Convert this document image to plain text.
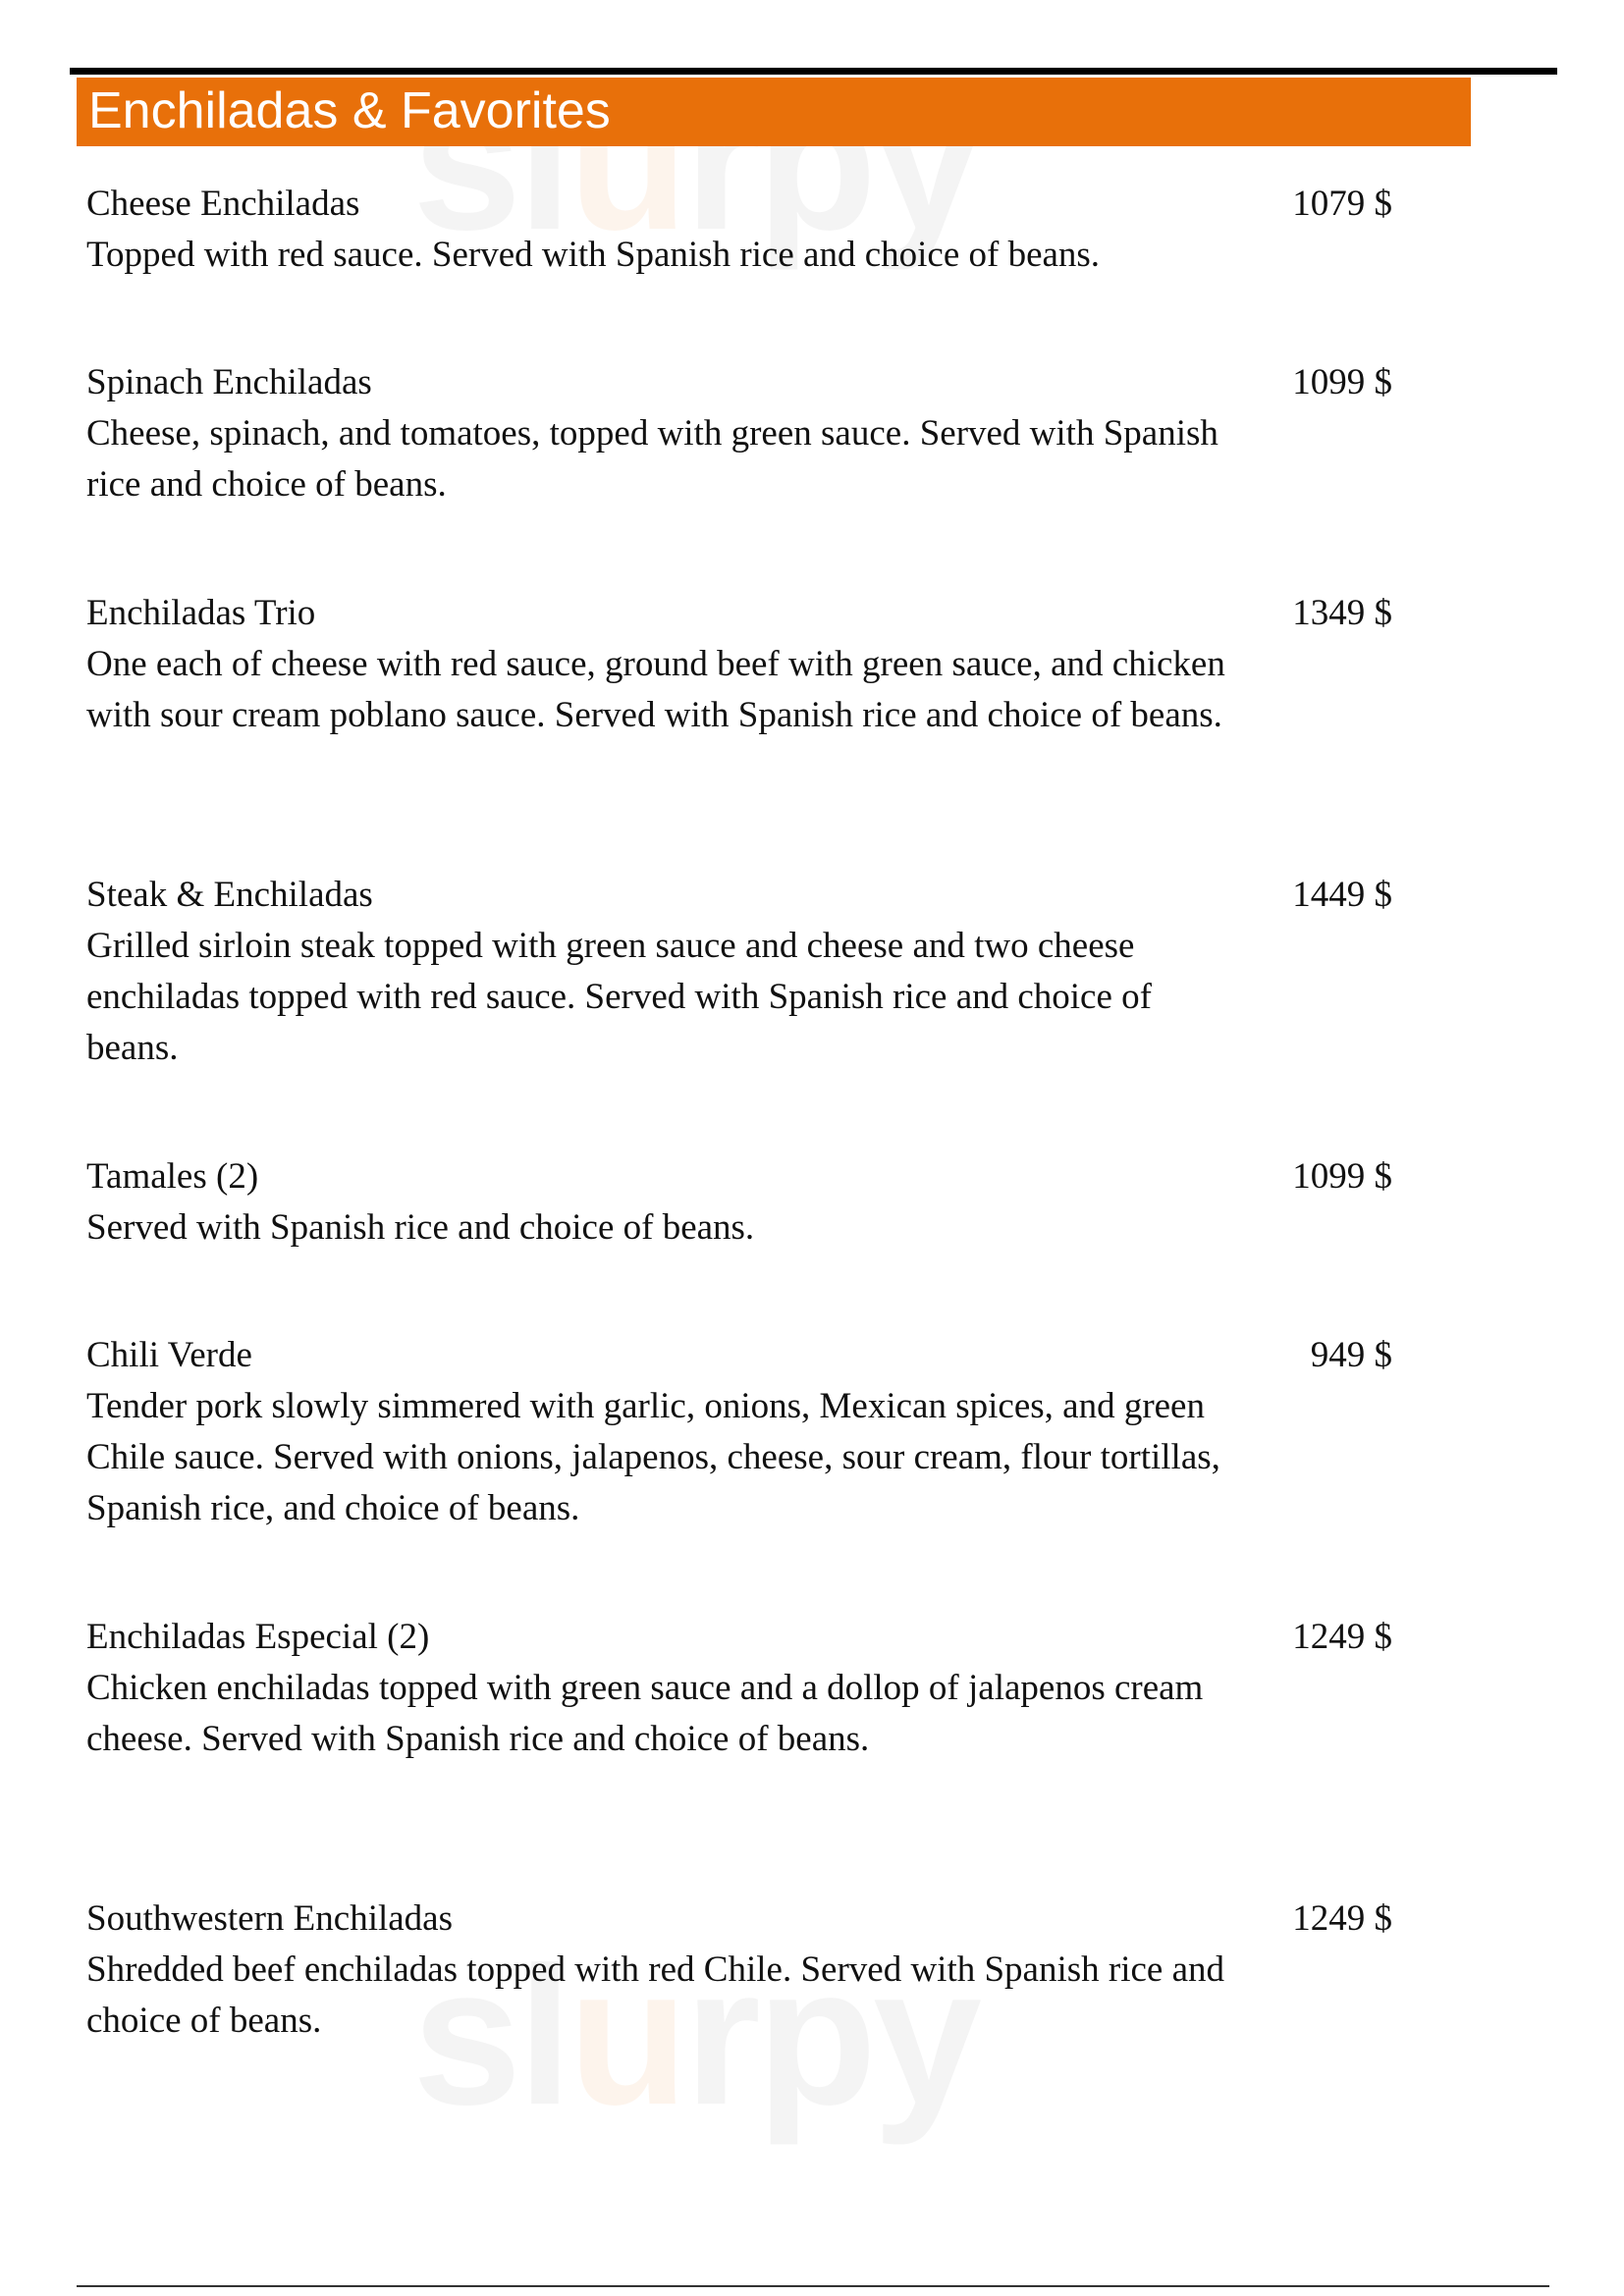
u
u
Enchiladas & Favorites
Cheese Enchiladas	1079 $
Topped with red sauce. Served with Spanish rice and choice of beans.
Spinach Enchiladas	1099 $
Cheese, spinach, and tomatoes, topped with green sauce. Served with Spanish rice and choice of beans.
Enchiladas Trio	1349 $
One each of cheese with red sauce, ground beef with green sauce, and chicken with sour cream poblano sauce. Served with Spanish rice and choice of beans.
Steak & Enchiladas	1449 $
Grilled sirloin steak topped with green sauce and cheese and two cheese enchiladas topped with red sauce. Served with Spanish rice and choice of beans.
Tamales (2)	1099 $
Served with Spanish rice and choice of beans.
Chili Verde	949 $
Tender pork slowly simmered with garlic, onions, Mexican spices, and green Chile sauce. Served with onions, jalapenos, cheese, sour cream, flour tortillas, Spanish rice, and choice of beans.
Enchiladas Especial (2)	1249 $
Chicken enchiladas topped with green sauce and a dollop of jalapenos cream cheese. Served with Spanish rice and choice of beans.
Southwestern Enchiladas	1249 $
Shredded beef enchiladas topped with red Chile. Served with Spanish rice and choice of beans.
